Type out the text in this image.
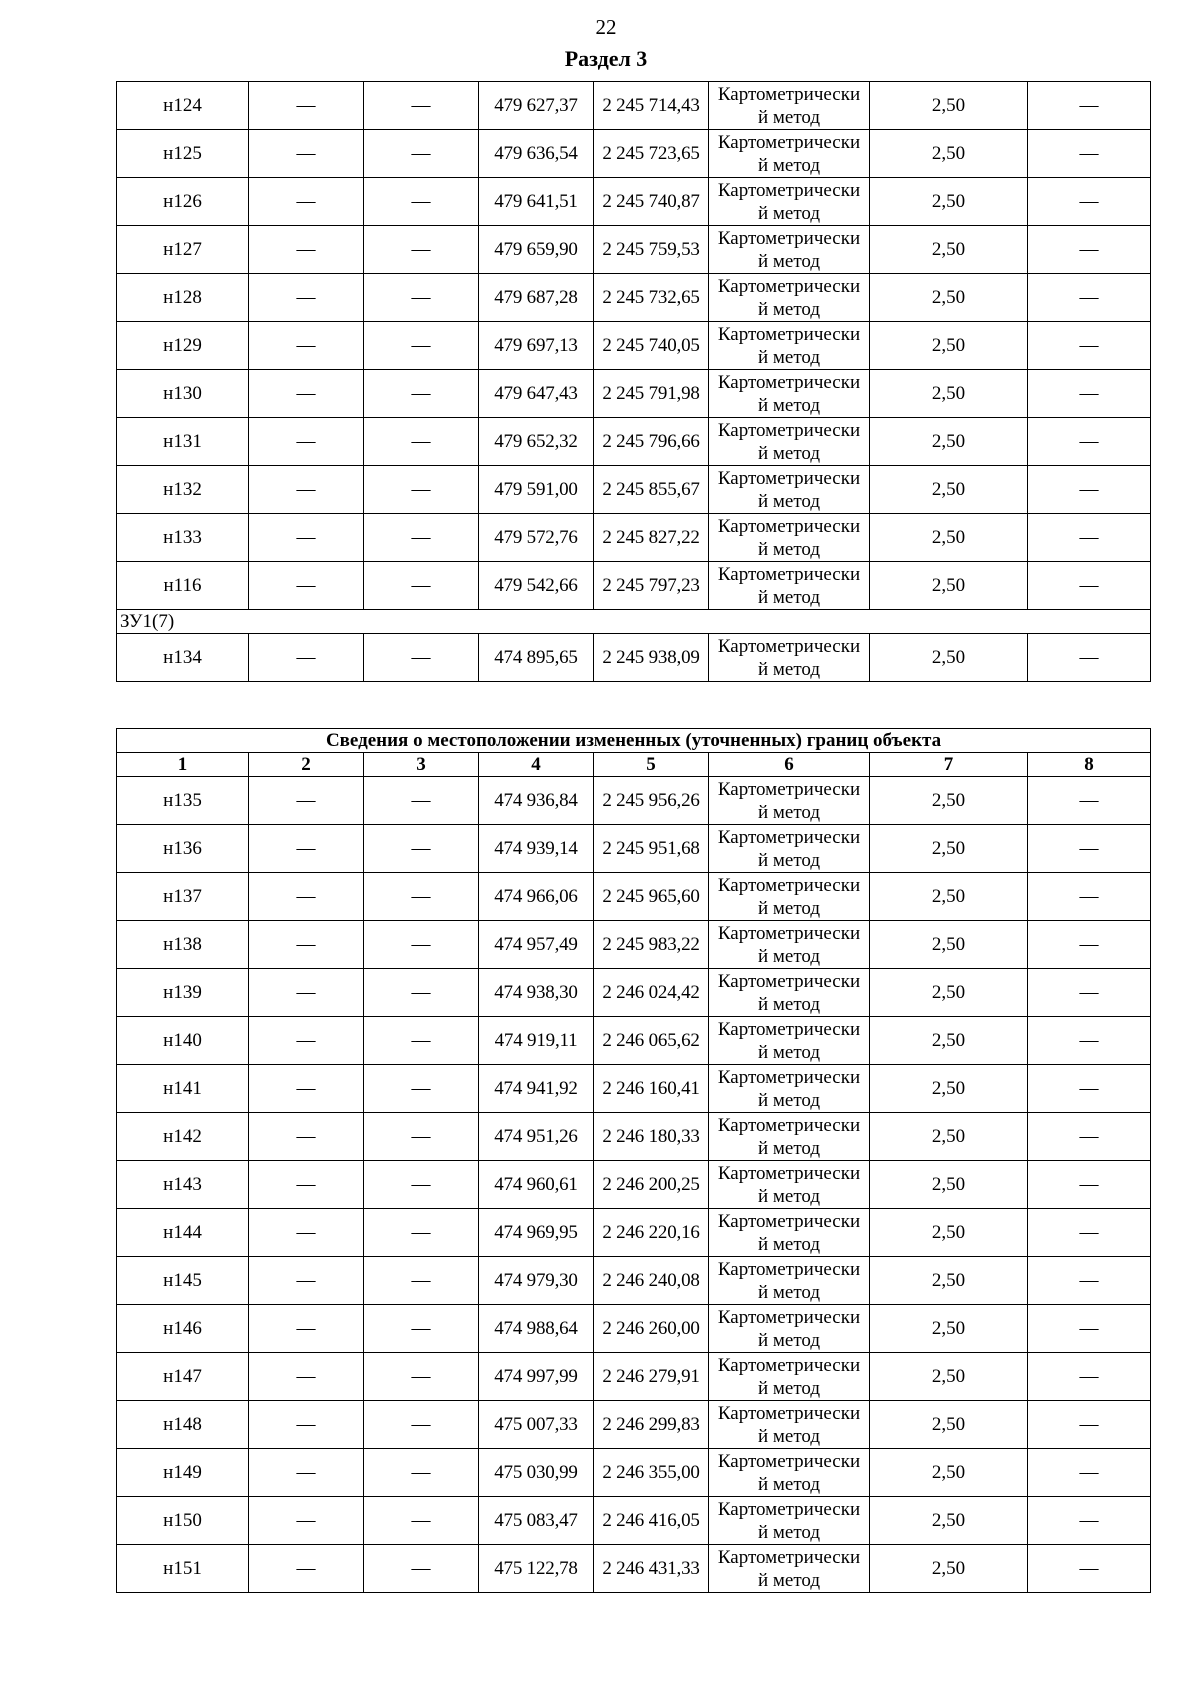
22
Раздел 3
н124	—	—	479 627,37	2 245 714,43	Картометрически
й метод	2,50	—
н125	—	—	479 636,54	2 245 723,65	Картометрически
й метод	2,50	—
н126	—	—	479 641,51	2 245 740,87	Картометрически
й метод	2,50	—
н127	—	—	479 659,90	2 245 759,53	Картометрически
й метод	2,50	—
н128	—	—	479 687,28	2 245 732,65	Картометрически
й метод	2,50	—
н129	—	—	479 697,13	2 245 740,05	Картометрически
й метод	2,50	—
н130	—	—	479 647,43	2 245 791,98	Картометрически
й метод	2,50	—
н131	—	—	479 652,32	2 245 796,66	Картометрически
й метод	2,50	—
н132	—	—	479 591,00	2 245 855,67	Картометрически
й метод	2,50	—
н133	—	—	479 572,76	2 245 827,22	Картометрически
й метод	2,50	—
н116	—	—	479 542,66	2 245 797,23	Картометрически
й метод	2,50	—
ЗУ1(7)							
н134	—	—	474 895,65	2 245 938,09	Картометрически
й метод	2,50	—
Сведения о местоположении измененных (уточненных) границ объекта							
1	2	3	4	5	6	7	8
н135	—	—	474 936,84	2 245 956,26	Картометрически
й метод	2,50	—
н136	—	—	474 939,14	2 245 951,68	Картометрически
й метод	2,50	—
н137	—	—	474 966,06	2 245 965,60	Картометрически
й метод	2,50	—
н138	—	—	474 957,49	2 245 983,22	Картометрически
й метод	2,50	—
н139	—	—	474 938,30	2 246 024,42	Картометрически
й метод	2,50	—
н140	—	—	474 919,11	2 246 065,62	Картометрически
й метод	2,50	—
н141	—	—	474 941,92	2 246 160,41	Картометрически
й метод	2,50	—
н142	—	—	474 951,26	2 246 180,33	Картометрически
й метод	2,50	—
н143	—	—	474 960,61	2 246 200,25	Картометрически
й метод	2,50	—
н144	—	—	474 969,95	2 246 220,16	Картометрически
й метод	2,50	—
н145	—	—	474 979,30	2 246 240,08	Картометрически
й метод	2,50	—
н146	—	—	474 988,64	2 246 260,00	Картометрически
й метод	2,50	—
н147	—	—	474 997,99	2 246 279,91	Картометрически
й метод	2,50	—
н148	—	—	475 007,33	2 246 299,83	Картометрически
й метод	2,50	—
н149	—	—	475 030,99	2 246 355,00	Картометрически
й метод	2,50	—
н150	—	—	475 083,47	2 246 416,05	Картометрически
й метод	2,50	—
н151	—	—	475 122,78	2 246 431,33	Картометрически
й метод	2,50	—
